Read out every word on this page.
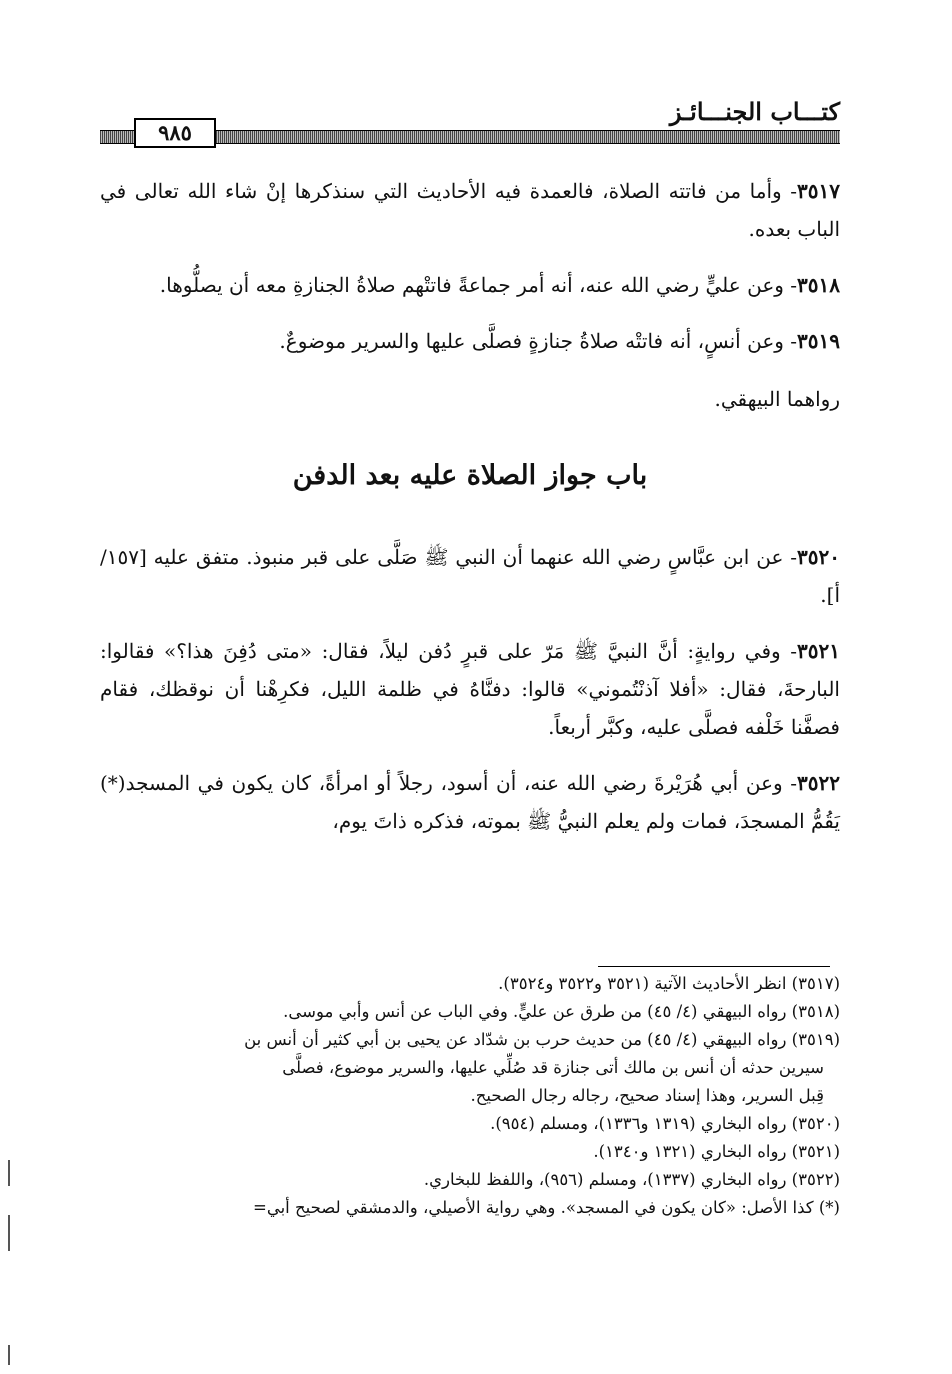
كتـــاب الجنـــائـز
٩٨٥

٣٥١٧- وأما من فاتته الصلاة، فالعمدة فيه الأحاديث التي سنذكرها إنْ شاء الله تعالى في الباب بعده.

٣٥١٨- وعن عليٍّ رضي الله عنه، أنه أمر جماعةً فاتتْهم صلاةُ الجنازةِ معه أن يصلُّوها.

٣٥١٩- وعن أنسٍ، أنه فاتتْه صلاةُ جنازةٍ فصلَّى عليها والسرير موضوعٌ.

رواهما البيهقي.

باب جواز الصلاة عليه بعد الدفن

٣٥٢٠- عن ابن عبَّاسٍ رضي الله عنهما أن النبي ﷺ صَلَّى على قبر منبوذ. متفق عليه [١٥٧/أ].

٣٥٢١- وفي روايةٍ: أنَّ النبيَّ ﷺ مَرّ على قبرٍ دُفن ليلاً، فقال: «متى دُفِنَ هذا؟» فقالوا: البارحةَ، فقال: «أفلا آذنْتُموني» قالوا: دفنَّاهُ في ظلمة الليل، فكرِهْنا أن نوقظك، فقام فصفَّنا خَلْفه فصلَّى عليه، وكبَّر أربعاً.

٣٥٢٢- وعن أبي هُرَيْرةَ رضي الله عنه، أن أسود، رجلاً أو امرأةً، كان يكون في المسجد(*) يَقُمُّ المسجدَ، فمات ولم يعلم النبيُّ ﷺ بموته، فذكره ذاتَ يوم،

(٣٥١٧) انظر الأحاديث الآتية (٣٥٢١ و٣٥٢٢ و٣٥٢٤).

(٣٥١٨) رواه البيهقي (٤/ ٤٥) من طرق عن عليٍّ. وفي الباب عن أنس وأبي موسى.

(٣٥١٩) رواه البيهقي (٤/ ٤٥) من حديث حرب بن شدّاد عن يحيى بن أبي كثير أن أنس بن

سيرين حدثه أن أنس بن مالك أتى جنازة قد صُلِّي عليها، والسرير موضوع، فصلَّى

قِبل السرير، وهذا إسناد صحيح، رجاله رجال الصحيح.

(٣٥٢٠) رواه البخاري (١٣١٩ و١٣٣٦)، ومسلم (٩٥٤).

(٣٥٢١) رواه البخاري (١٣٢١ و١٣٤٠).

(٣٥٢٢) رواه البخاري (١٣٣٧)، ومسلم (٩٥٦)، واللفظ للبخاري.

(*) كذا الأصل: «كان يكون في المسجد». وهي رواية الأصيلي، والدمشقي لصحيح أبي=
